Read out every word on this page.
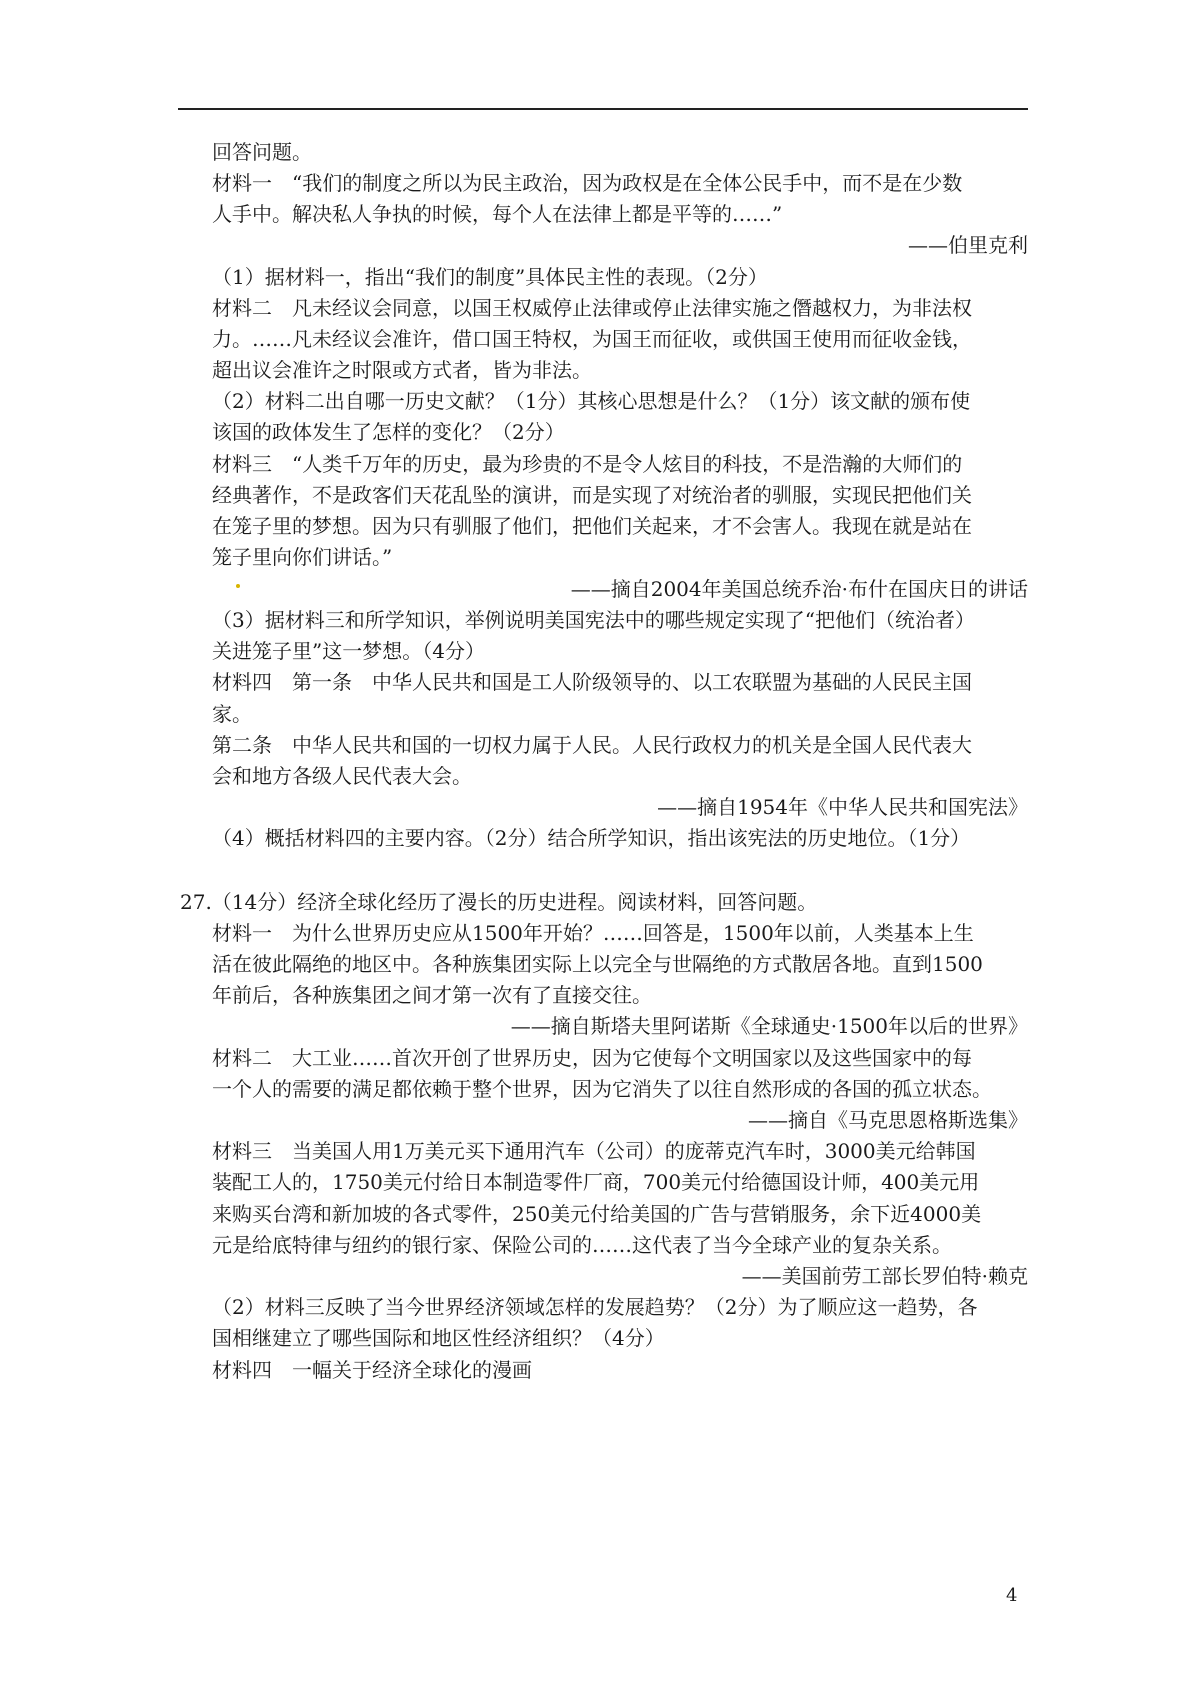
回答问题。
材料一　“我们的制度之所以为民主政治，因为政权是在全体公民手中，而不是在少数
人手中。解决私人争执的时候，每个人在法律上都是平等的……”
——伯里克利
（1）据材料一，指出“我们的制度”具体民主性的表现。（2分）
材料二　凡未经议会同意，以国王权威停止法律或停止法律实施之僭越权力，为非法权
力。……凡未经议会准许，借口国王特权，为国王而征收，或供国王使用而征收金钱，
超出议会准许之时限或方式者，皆为非法。
（2）材料二出自哪一历史文献？（1分）其核心思想是什么？（1分）该文献的颁布使
该国的政体发生了怎样的变化？（2分）
材料三　“人类千万年的历史，最为珍贵的不是令人炫目的科技，不是浩瀚的大师们的
经典著作，不是政客们天花乱坠的演讲，而是实现了对统治者的驯服，实现民把他们关
在笼子里的梦想。因为只有驯服了他们，把他们关起来，才不会害人。我现在就是站在
笼子里向你们讲话。”
——摘自2004年美国总统乔治·布什在国庆日的讲话
（3）据材料三和所学知识，举例说明美国宪法中的哪些规定实现了“把他们（统治者）
关进笼子里”这一梦想。（4分）
材料四　第一条　中华人民共和国是工人阶级领导的、以工农联盟为基础的人民民主国
家。
第二条　中华人民共和国的一切权力属于人民。人民行政权力的机关是全国人民代表大
会和地方各级人民代表大会。
——摘自1954年《中华人民共和国宪法》
（4）概括材料四的主要内容。（2分）结合所学知识，指出该宪法的历史地位。（1分）
27.（14分）经济全球化经历了漫长的历史进程。阅读材料，回答问题。
材料一　为什么世界历史应从1500年开始？……回答是，1500年以前，人类基本上生
活在彼此隔绝的地区中。各种族集团实际上以完全与世隔绝的方式散居各地。直到1500
年前后，各种族集团之间才第一次有了直接交往。
——摘自斯塔夫里阿诺斯《全球通史·1500年以后的世界》
材料二　大工业……首次开创了世界历史，因为它使每个文明国家以及这些国家中的每
一个人的需要的满足都依赖于整个世界，因为它消失了以往自然形成的各国的孤立状态。
——摘自《马克思恩格斯选集》
材料三　当美国人用1万美元买下通用汽车（公司）的庞蒂克汽车时，3000美元给韩国
装配工人的，1750美元付给日本制造零件厂商，700美元付给德国设计师，400美元用
来购买台湾和新加坡的各式零件，250美元付给美国的广告与营销服务，余下近4000美
元是给底特律与纽约的银行家、保险公司的……这代表了当今全球产业的复杂关系。
——美国前劳工部长罗伯特·赖克
（2）材料三反映了当今世界经济领域怎样的发展趋势？（2分）为了顺应这一趋势，各
国相继建立了哪些国际和地区性经济组织？（4分）
材料四　一幅关于经济全球化的漫画
4
